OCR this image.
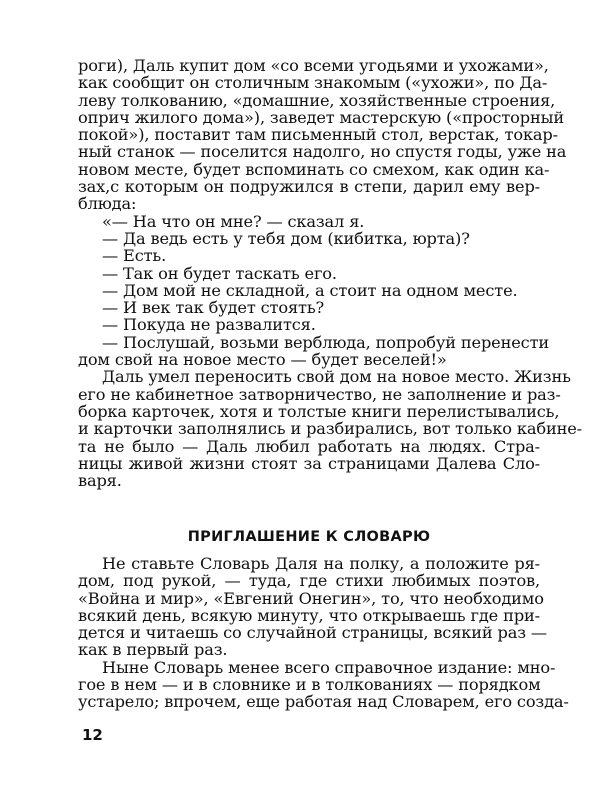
роги), Даль купит дом «со всеми угодьями и ухожами»,
как сообщит он столичным знакомым («ухожи», по Да-
леву толкованию, «домашние, хозяйственные строения,
оприч жилого дома»), заведет мастерскую («просторный
покой»), поставит там письменный стол, верстак, токар-
ный станок — поселится надолго, но спустя годы, уже на
новом месте, будет вспоминать со смехом, как один ка-
зах,с которым он подружился в степи, дарил ему вер-
блюда:
«— На что он мне? — сказал я.
— Да ведь есть у тебя дом (кибитка, юрта)?
— Есть.
— Так он будет таскать его.
— Дом мой не складной, а стоит на одном месте.
— И век так будет стоять?
— Покуда не развалится.
— Послушай, возьми верблюда, попробуй перенести
дом свой на новое место — будет веселей!»
Даль умел переносить свой дом на новое место. Жизнь
его не кабинетное затворничество, не заполнение и раз-
борка карточек, хотя и толстые книги перелистывались,
и карточки заполнялись и разбирались, вот только кабине-
та не было — Даль любил работать на людях. Стра-
ницы живой жизни стоят за страницами Далева Сло-
варя.
ПРИГЛАШЕНИЕ К СЛОВАРЮ
Не ставьте Словарь Даля на полку, а положите ря-
дом, под рукой, — туда, где стихи любимых поэтов,
«Война и мир», «Евгений Онегин», то, что необходимо
всякий день, всякую минуту, что открываешь где при-
дется и читаешь со случайной страницы, всякий раз —
как в первый раз.
Ныне Словарь менее всего справочное издание: мно-
гое в нем — и в словнике и в толкованиях — порядком
устарело; впрочем, еще работая над Словарем, его созда-
12
